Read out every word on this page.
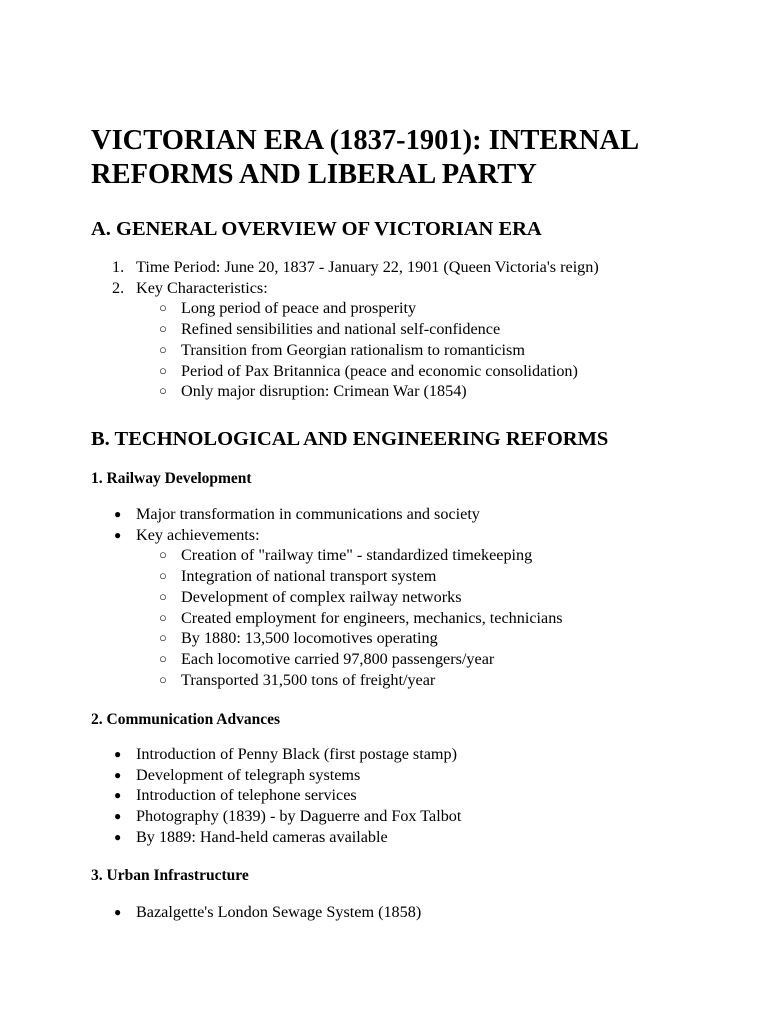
VICTORIAN ERA (1837-1901): INTERNAL REFORMS AND LIBERAL PARTY
A. GENERAL OVERVIEW OF VICTORIAN ERA
1. Time Period: June 20, 1837 - January 22, 1901 (Queen Victoria's reign)
2. Key Characteristics:
○ Long period of peace and prosperity
○ Refined sensibilities and national self-confidence
○ Transition from Georgian rationalism to romanticism
○ Period of Pax Britannica (peace and economic consolidation)
○ Only major disruption: Crimean War (1854)
B. TECHNOLOGICAL AND ENGINEERING REFORMS
1. Railway Development
● Major transformation in communications and society
● Key achievements:
○ Creation of "railway time" - standardized timekeeping
○ Integration of national transport system
○ Development of complex railway networks
○ Created employment for engineers, mechanics, technicians
○ By 1880: 13,500 locomotives operating
○ Each locomotive carried 97,800 passengers/year
○ Transported 31,500 tons of freight/year
2. Communication Advances
● Introduction of Penny Black (first postage stamp)
● Development of telegraph systems
● Introduction of telephone services
● Photography (1839) - by Daguerre and Fox Talbot
● By 1889: Hand-held cameras available
3. Urban Infrastructure
● Bazalgette's London Sewage System (1858)
